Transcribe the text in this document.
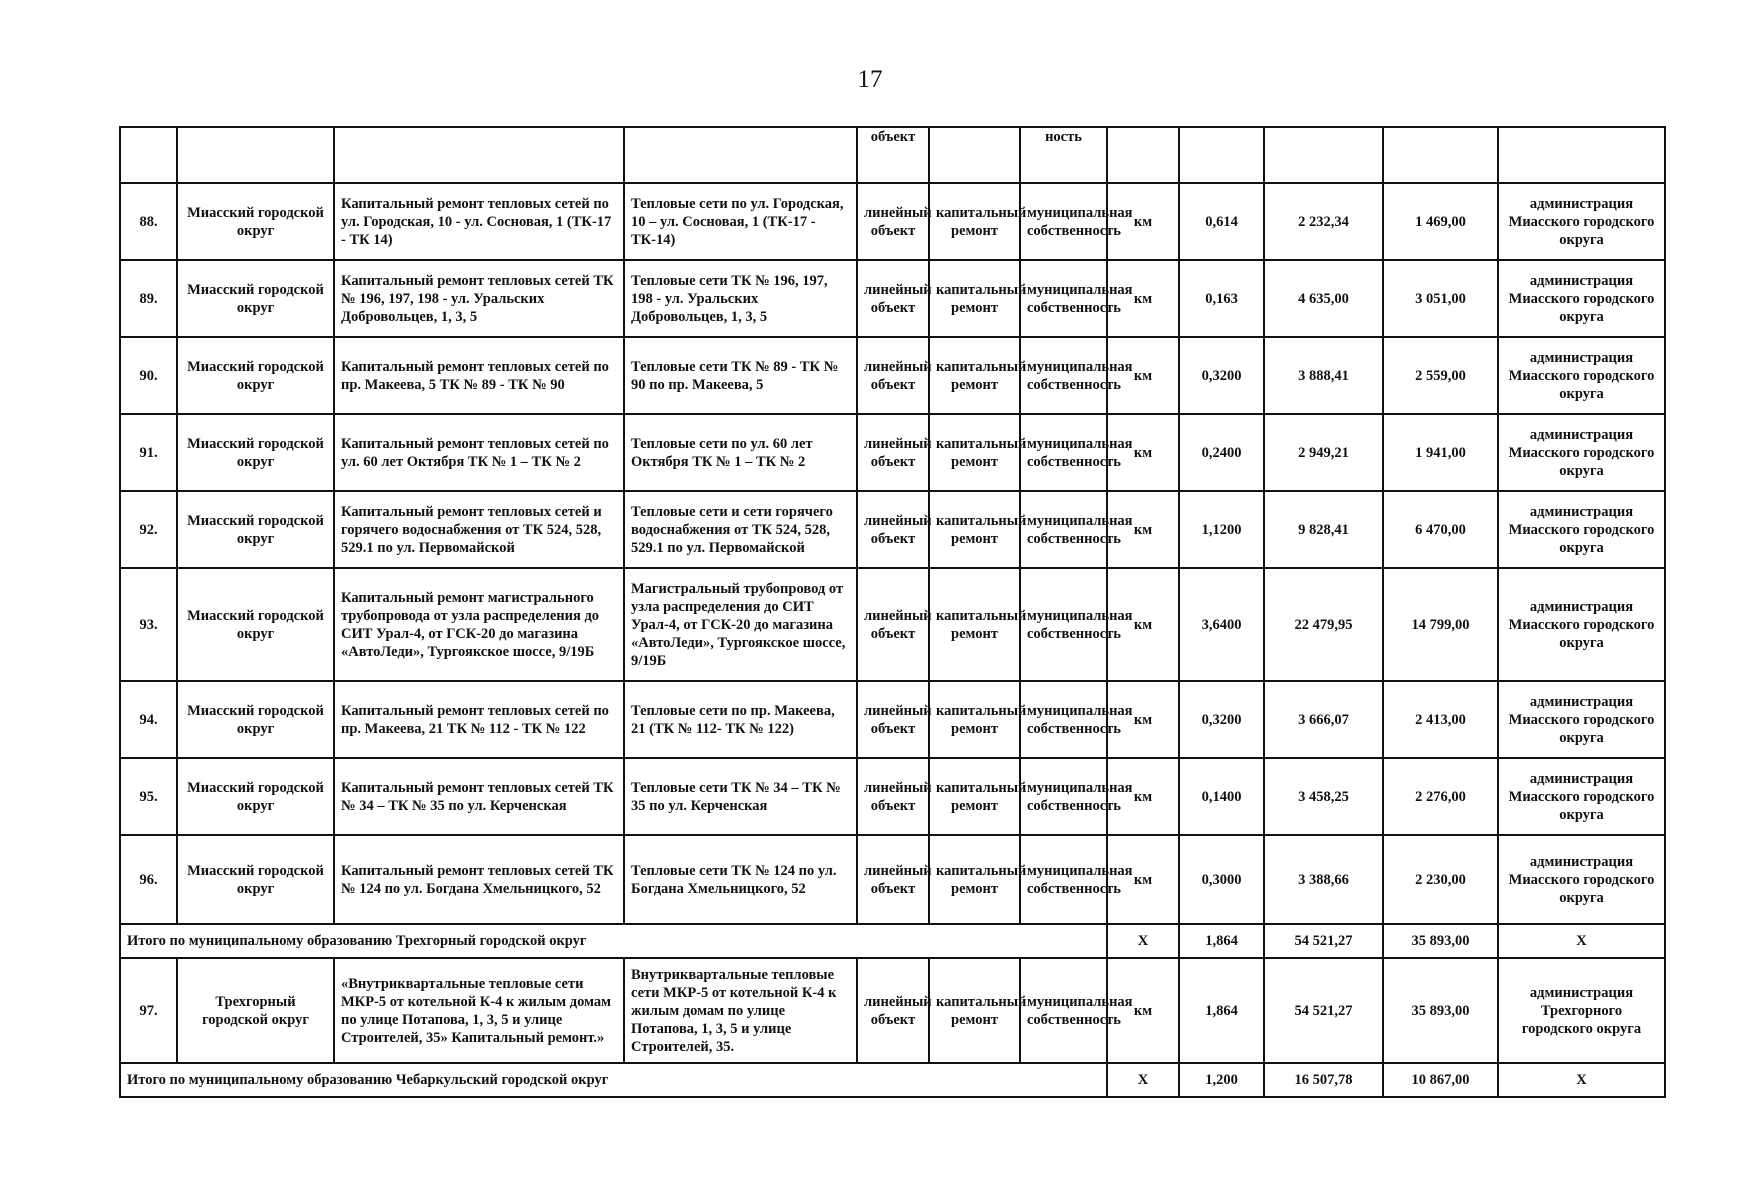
17
				объект		ность					
88.	Миасский городской округ	Капитальный ремонт тепловых сетей по ул. Городская, 10 - ул. Сосновая, 1 (ТК-17 - ТК 14)	Тепловые сети по ул. Городская, 10 – ул. Сосновая, 1 (ТК-17 - ТК-14)	линейный объект	капитальный ремонт	муниципальная собственность	км	0,614	2 232,34	1 469,00	администрация Миасского городского округа
89.	Миасский городской округ	Капитальный ремонт тепловых сетей ТК № 196, 197, 198 - ул. Уральских Добровольцев, 1, 3, 5	Тепловые сети ТК № 196, 197, 198 - ул. Уральских Добровольцев, 1, 3, 5	линейный объект	капитальный ремонт	муниципальная собственность	км	0,163	4 635,00	3 051,00	администрация Миасского городского округа
90.	Миасский городской округ	Капитальный ремонт тепловых сетей по пр. Макеева, 5 ТК № 89 - ТК № 90	Тепловые сети ТК № 89 - ТК № 90 по пр. Макеева, 5	линейный объект	капитальный ремонт	муниципальная собственность	км	0,3200	3 888,41	2 559,00	администрация Миасского городского округа
91.	Миасский городской округ	Капитальный ремонт тепловых сетей по ул. 60 лет Октября ТК № 1 – ТК № 2	Тепловые сети по ул. 60 лет Октября ТК № 1 – ТК № 2	линейный объект	капитальный ремонт	муниципальная собственность	км	0,2400	2 949,21	1 941,00	администрация Миасского городского округа
92.	Миасский городской округ	Капитальный ремонт тепловых сетей и горячего водоснабжения от ТК 524, 528, 529.1 по ул. Первомайской	Тепловые сети и сети горячего водоснабжения от ТК 524, 528, 529.1 по ул. Первомайской	линейный объект	капитальный ремонт	муниципальная собственность	км	1,1200	9 828,41	6 470,00	администрация Миасского городского округа
93.	Миасский городской округ	Капитальный ремонт магистрального трубопровода от узла распределения до СИТ Урал-4, от ГСК-20 до магазина «АвтоЛеди», Тургоякское шоссе, 9/19Б	Магистральный трубопровод от узла распределения до СИТ Урал-4, от ГСК-20 до магазина «АвтоЛеди», Тургоякское шоссе, 9/19Б	линейный объект	капитальный ремонт	муниципальная собственность	км	3,6400	22 479,95	14 799,00	администрация Миасского городского округа
94.	Миасский городской округ	Капитальный ремонт тепловых сетей по пр. Макеева, 21 ТК № 112 - ТК № 122	Тепловые сети по пр. Макеева, 21 (ТК № 112- ТК № 122)	линейный объект	капитальный ремонт	муниципальная собственность	км	0,3200	3 666,07	2 413,00	администрация Миасского городского округа
95.	Миасский городской округ	Капитальный ремонт тепловых сетей ТК № 34 – ТК № 35 по ул. Керченская	Тепловые сети ТК № 34 – ТК № 35 по ул. Керченская	линейный объект	капитальный ремонт	муниципальная собственность	км	0,1400	3 458,25	2 276,00	администрация Миасского городского округа
96.	Миасский городской округ	Капитальный ремонт тепловых сетей ТК № 124 по ул. Богдана Хмельницкого, 52	Тепловые сети ТК № 124 по ул. Богдана Хмельницкого, 52	линейный объект	капитальный ремонт	муниципальная собственность	км	0,3000	3 388,66	2 230,00	администрация Миасского городского округа
Итого по муниципальному образованию Трехгорный городской округ							Х	1,864	54 521,27	35 893,00	Х
97.	Трехгорный городской округ	«Внутриквартальные тепловые сети МКР-5 от котельной К-4 к жилым домам по улице Потапова, 1, 3, 5 и улице Строителей, 35» Капитальный ремонт.»	Внутриквартальные тепловые сети МКР-5 от котельной К-4 к жилым домам по улице Потапова, 1, 3, 5 и улице Строителей, 35.	линейный объект	капитальный ремонт	муниципальная собственность	км	1,864	54 521,27	35 893,00	администрация Трехгорного городского округа
Итого по муниципальному образованию Чебаркульский городской округ							Х	1,200	16 507,78	10 867,00	Х
